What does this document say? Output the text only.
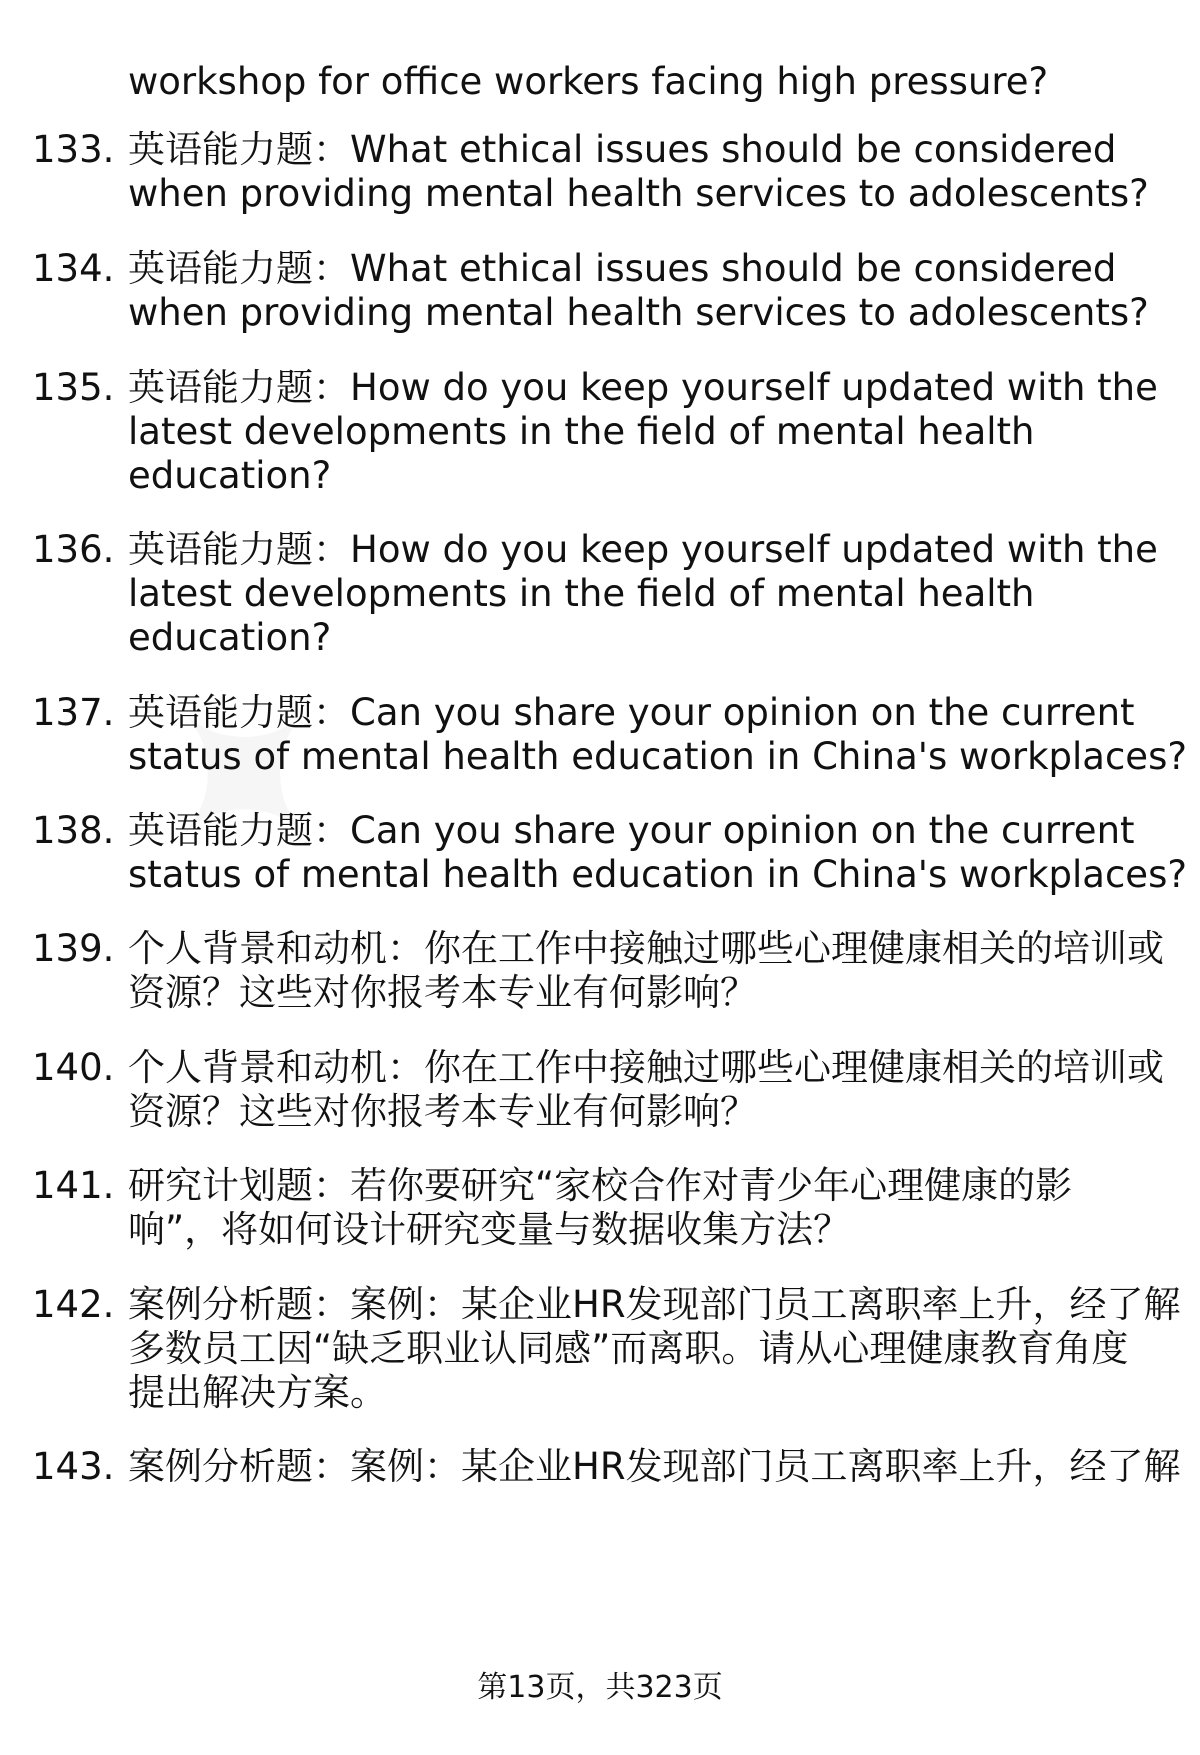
workshop for office workers facing high pressure?
133. 英语能力题：What ethical issues should be considered
when providing mental health services to adolescents?
134. 英语能力题：What ethical issues should be considered
when providing mental health services to adolescents?
135. 英语能力题：How do you keep yourself updated with the
latest developments in the field of mental health
education?
136. 英语能力题：How do you keep yourself updated with the
latest developments in the field of mental health
education?
137. 英语能力题：Can you share your opinion on the current
status of mental health education in China's workplaces?
138. 英语能力题：Can you share your opinion on the current
status of mental health education in China's workplaces?
139. 个人背景和动机：你在工作中接触过哪些心理健康相关的培训或
资源？这些对你报考本专业有何影响？
140. 个人背景和动机：你在工作中接触过哪些心理健康相关的培训或
资源？这些对你报考本专业有何影响？
141. 研究计划题：若你要研究“家校合作对青少年心理健康的影
响”，将如何设计研究变量与数据收集方法？
142. 案例分析题：案例：某企业HR发现部门员工离职率上升，经了解
多数员工因“缺乏职业认同感”而离职。请从心理健康教育角度
提出解决方案。
143. 案例分析题：案例：某企业HR发现部门员工离职率上升，经了解
第13页，共323页
